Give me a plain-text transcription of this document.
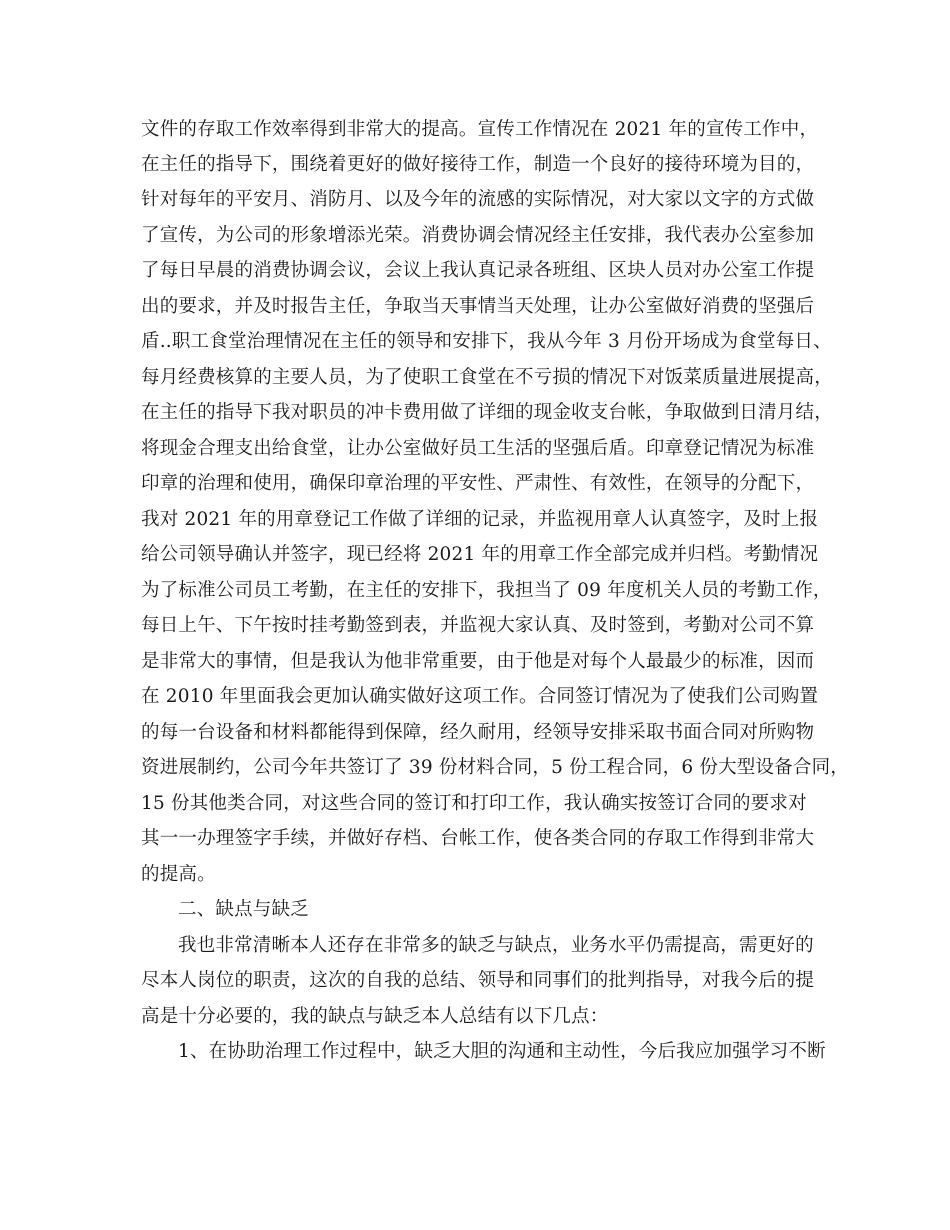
文件的存取工作效率得到非常大的提高。宣传工作情况在 2021 年的宣传工作中，
在主任的指导下，围绕着更好的做好接待工作，制造一个良好的接待环境为目的，
针对每年的平安月、消防月、以及今年的流感的实际情况，对大家以文字的方式做
了宣传，为公司的形象增添光荣。消费协调会情况经主任安排，我代表办公室参加
了每日早晨的消费协调会议，会议上我认真记录各班组、区块人员对办公室工作提
出的要求，并及时报告主任，争取当天事情当天处理，让办公室做好消费的坚强后
盾..职工食堂治理情况在主任的领导和安排下，我从今年 3 月份开场成为食堂每日、
每月经费核算的主要人员，为了使职工食堂在不亏损的情况下对饭菜质量进展提高，
在主任的指导下我对职员的冲卡费用做了详细的现金收支台帐，争取做到日清月结，
将现金合理支出给食堂，让办公室做好员工生活的坚强后盾。印章登记情况为标准
印章的治理和使用，确保印章治理的平安性、严肃性、有效性，在领导的分配下，
我对 2021 年的用章登记工作做了详细的记录，并监视用章人认真签字，及时上报
给公司领导确认并签字，现已经将 2021 年的用章工作全部完成并归档。考勤情况
为了标准公司员工考勤，在主任的安排下，我担当了 09 年度机关人员的考勤工作，
每日上午、下午按时挂考勤签到表，并监视大家认真、及时签到，考勤对公司不算
是非常大的事情，但是我认为他非常重要，由于他是对每个人最最少的标准，因而
在 2010 年里面我会更加认确实做好这项工作。合同签订情况为了使我们公司购置
的每一台设备和材料都能得到保障，经久耐用，经领导安排采取书面合同对所购物
资进展制约，公司今年共签订了 39 份材料合同，5 份工程合同，6 份大型设备合同，
15 份其他类合同，对这些合同的签订和打印工作，我认确实按签订合同的要求对
其一一办理签字手续，并做好存档、台帐工作，使各类合同的存取工作得到非常大
的提高。
二、缺点与缺乏
我也非常清晰本人还存在非常多的缺乏与缺点，业务水平仍需提高，需更好的
尽本人岗位的职责，这次的自我的总结、领导和同事们的批判指导，对我今后的提
高是十分必要的，我的缺点与缺乏本人总结有以下几点：
1、在协助治理工作过程中，缺乏大胆的沟通和主动性，今后我应加强学习不断
